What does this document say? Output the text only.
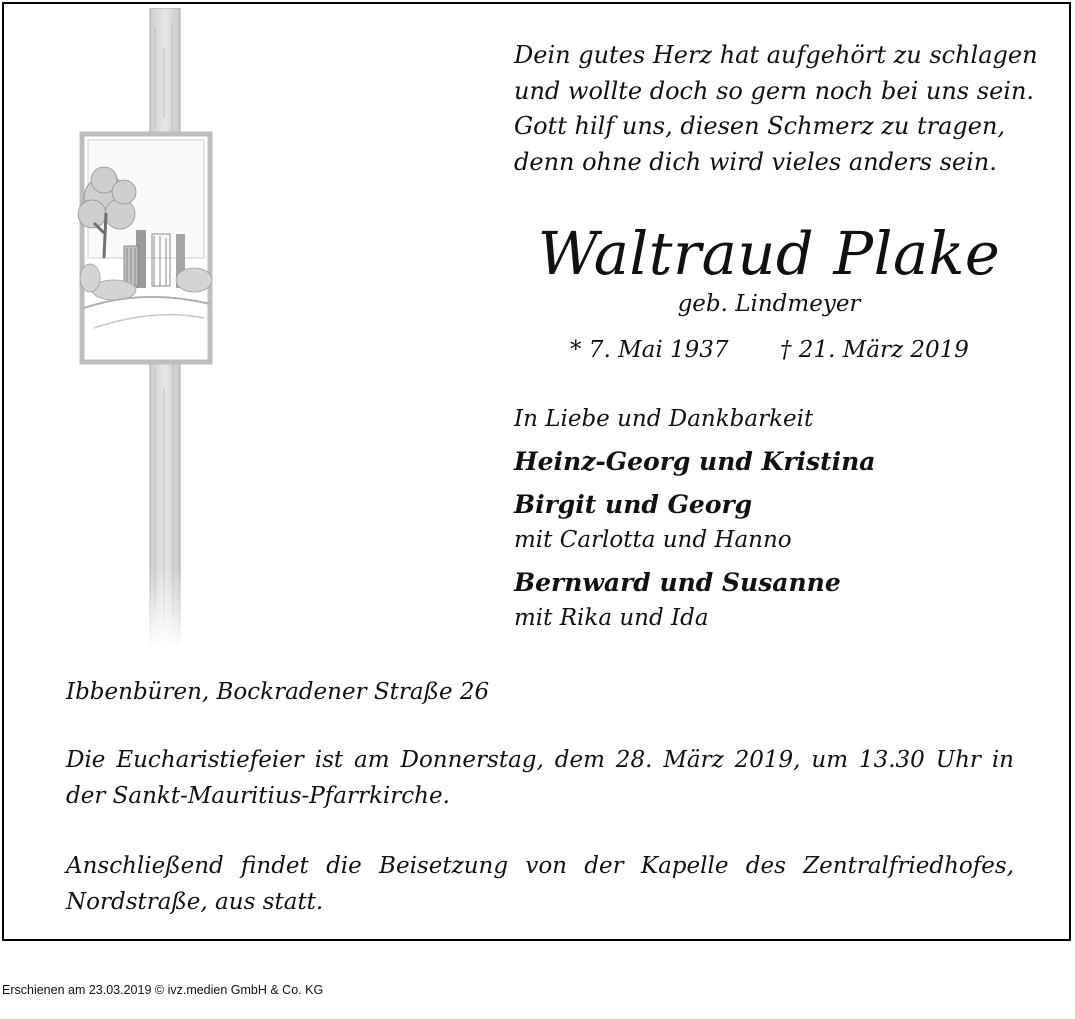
Dein gutes Herz hat aufgehört zu schlagen
und wollte doch so gern noch bei uns sein.
Gott hilf uns, diesen Schmerz zu tragen,
denn ohne dich wird vieles anders sein.
Waltraud Plake
geb. Lindmeyer
* 7. Mai 1937 † 21. März 2019
In Liebe und Dankbarkeit
Heinz-Georg und Kristina
Birgit und Georg
mit Carlotta und Hanno
Bernward und Susanne
mit Rika und Ida
Ibbenbüren, Bockradener Straße 26
Die Eucharistiefeier ist am Donnerstag, dem 28. März 2019, um 13.30 Uhr in der Sankt-Mauritius-Pfarrkirche.
Anschließend findet die Beisetzung von der Kapelle des Zentralfriedhofes, Nordstraße, aus statt.
Erschienen am 23.03.2019 © ivz.medien GmbH & Co. KG
